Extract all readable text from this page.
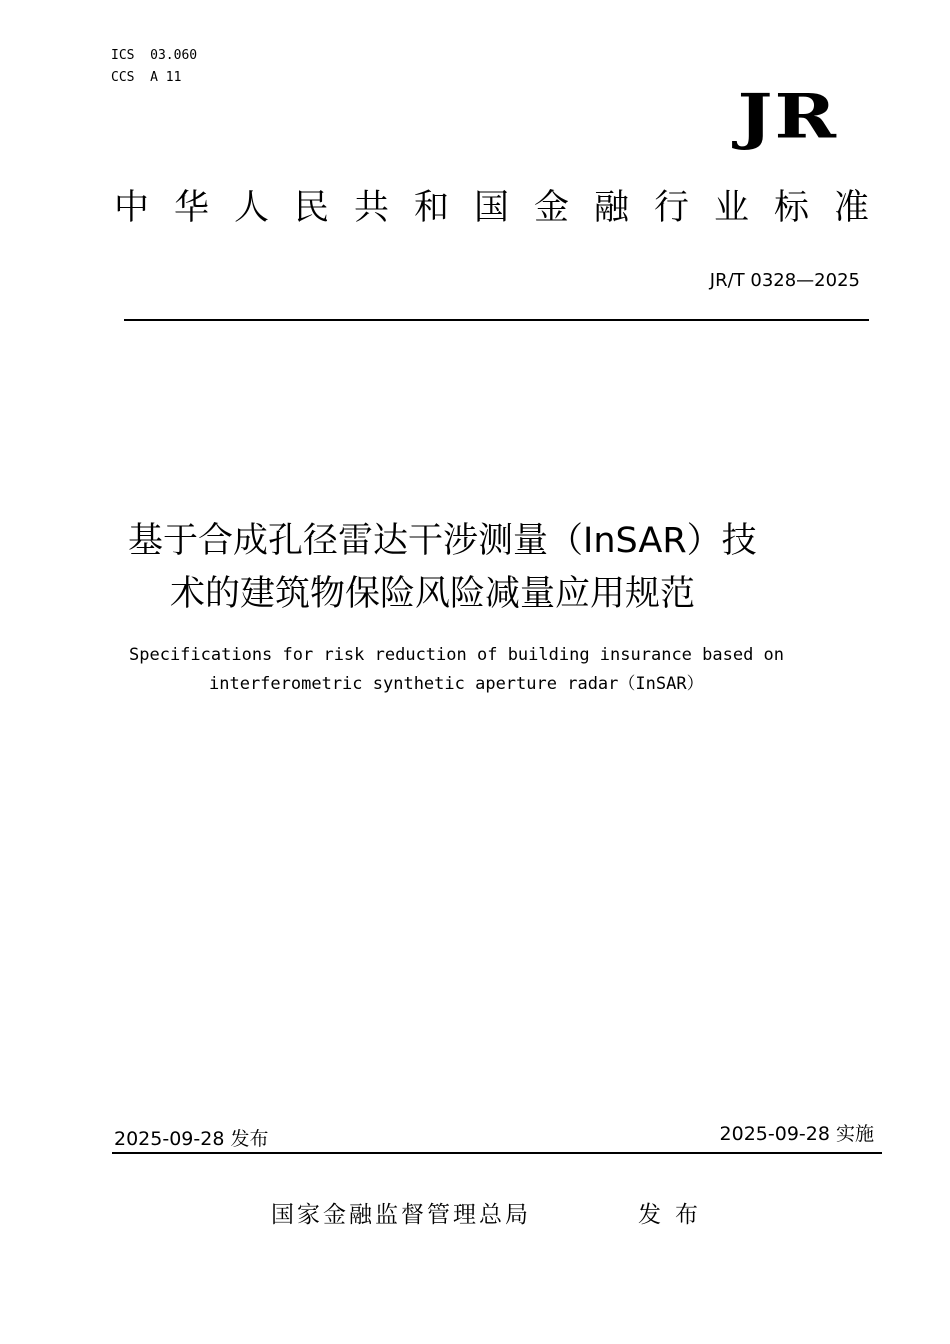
ICS  03.060
CCS  A 11
JR
中华人民共和国金融行业标准
JR/T 0328—2025
基于合成孔径雷达干涉测量（InSAR）技
术的建筑物保险风险减量应用规范
Specifications for risk reduction of building insurance based on
interferometric synthetic aperture radar（InSAR）
2025-09-28 发布	2025-09-28 实施
国家金融监督管理总局	发布
